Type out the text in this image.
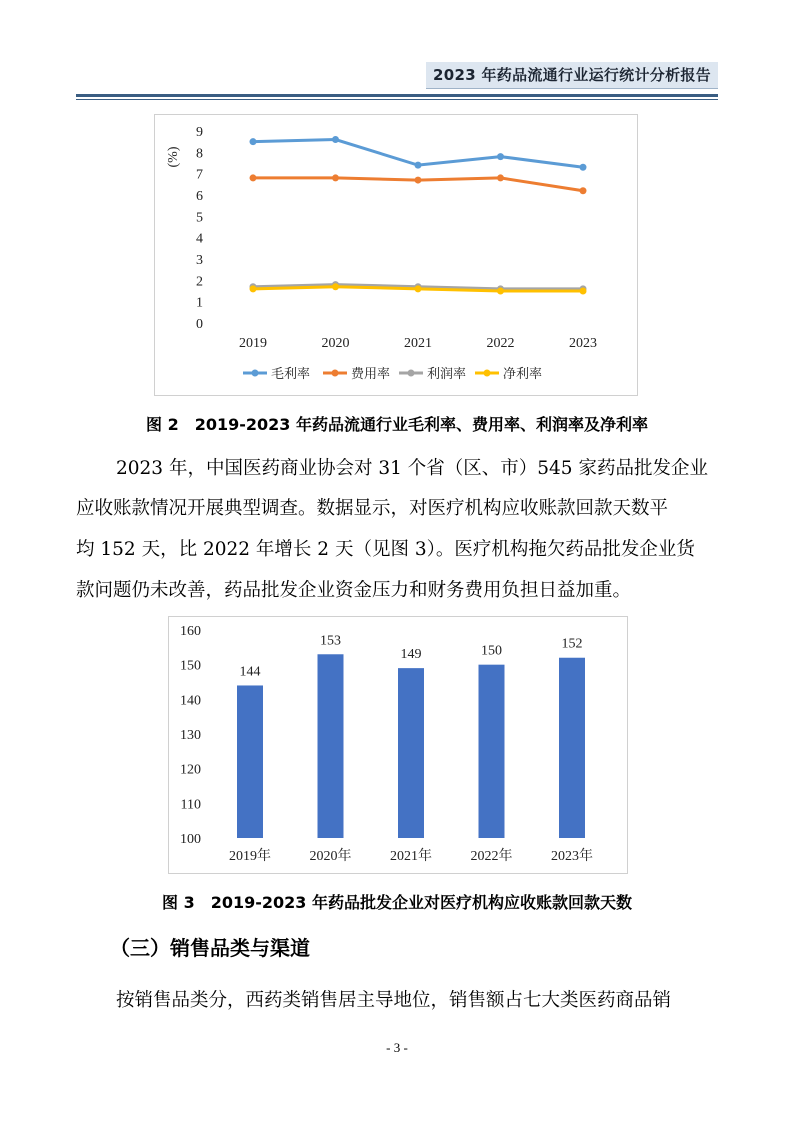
2023 年药品流通行业运行统计分析报告
0
1
2
3
4
5
6
7
8
9
(%)
2019	2020	2021	2022	2023
毛利率	费用率	利润率	净利率
图 2　2019-2023 年药品流通行业毛利率、费用率、利润率及净利率
2023 年，中国医药商业协会对 31 个省（区、市）545 家药品批发企业
应收账款情况开展典型调查。数据显示，对医疗机构应收账款回款天数平
均 152 天，比 2022 年增长 2 天（见图 3）。医疗机构拖欠药品批发企业货
款问题仍未改善，药品批发企业资金压力和财务费用负担日益加重。
100
110
120
130
140
150
160
144
2019年
153
2020年
149
2021年
150
2022年
152
2023年
图 3　2019-2023 年药品批发企业对医疗机构应收账款回款天数
（三）销售品类与渠道
按销售品类分，西药类销售居主导地位，销售额占七大类医药商品销
- 3 -
